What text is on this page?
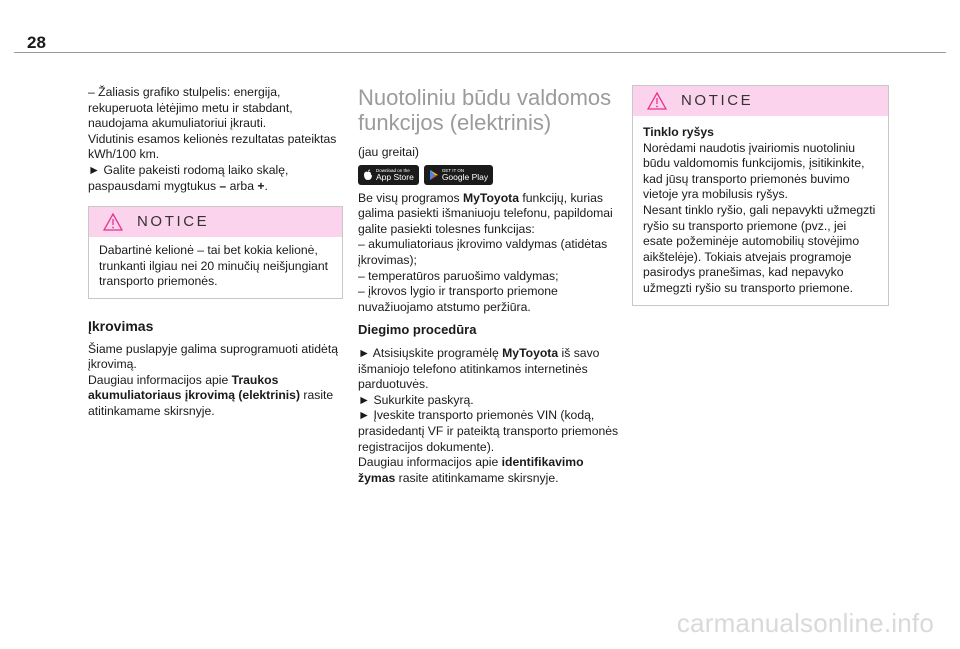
28

– Žaliasis grafiko stulpelis: energija, rekuperuota lėtėjimo metu ir stabdant, naudojama akumuliatoriui įkrauti.

Vidutinis esamos kelionės rezultatas pateiktas kWh/100 km.

► Galite pakeisti rodomą laiko skalę, paspausdami mygtukus – arba +.

NOTICE
Dabartinė kelionė – tai bet kokia kelionė, trunkanti ilgiau nei 20 minučių neišjungiant transporto priemonės.
Įkrovimas

Šiame puslapyje galima suprogramuoti atidėtą įkrovimą.

Daugiau informacijos apie Traukos akumuliatoriaus įkrovimą (elektrinis) rasite atitinkamame skirsnyje.

Nuotoliniu būdu valdomos funkcijos (elektrinis)

(jau greitai)

Download on the
App Store
GET IT ON
Google Play

Be visų programos MyToyota funkcijų, kurias galima pasiekti išmaniuoju telefonu, papildomai galite pasiekti tolesnes funkcijas:

– akumuliatoriaus įkrovimo valdymas (atidėtas įkrovimas);

– temperatūros paruošimo valdymas;

– įkrovos lygio ir transporto priemone nuvažiuojamo atstumo peržiūra.

Diegimo procedūra

► Atsisiųskite programėlę MyToyota iš savo išmaniojo telefono atitinkamos internetinės parduotuvės.

► Sukurkite paskyrą.

► Įveskite transporto priemonės VIN (kodą, prasidedantį VF ir pateiktą transporto priemonės registracijos dokumente).

Daugiau informacijos apie identifikavimo žymas rasite atitinkamame skirsnyje.

NOTICE

Tinklo ryšys

Norėdami naudotis įvairiomis nuotoliniu būdu valdomomis funkcijomis, įsitikinkite, kad jūsų transporto priemonės buvimo vietoje yra mobilusis ryšys.

Nesant tinklo ryšio, gali nepavykti užmegzti ryšio su transporto priemone (pvz., jei esate požeminėje automobilių stovėjimo aikštelėje). Tokiais atvejais programoje pasirodys pranešimas, kad nepavyko užmegzti ryšio su transporto priemone.

carmanualsonline.info
